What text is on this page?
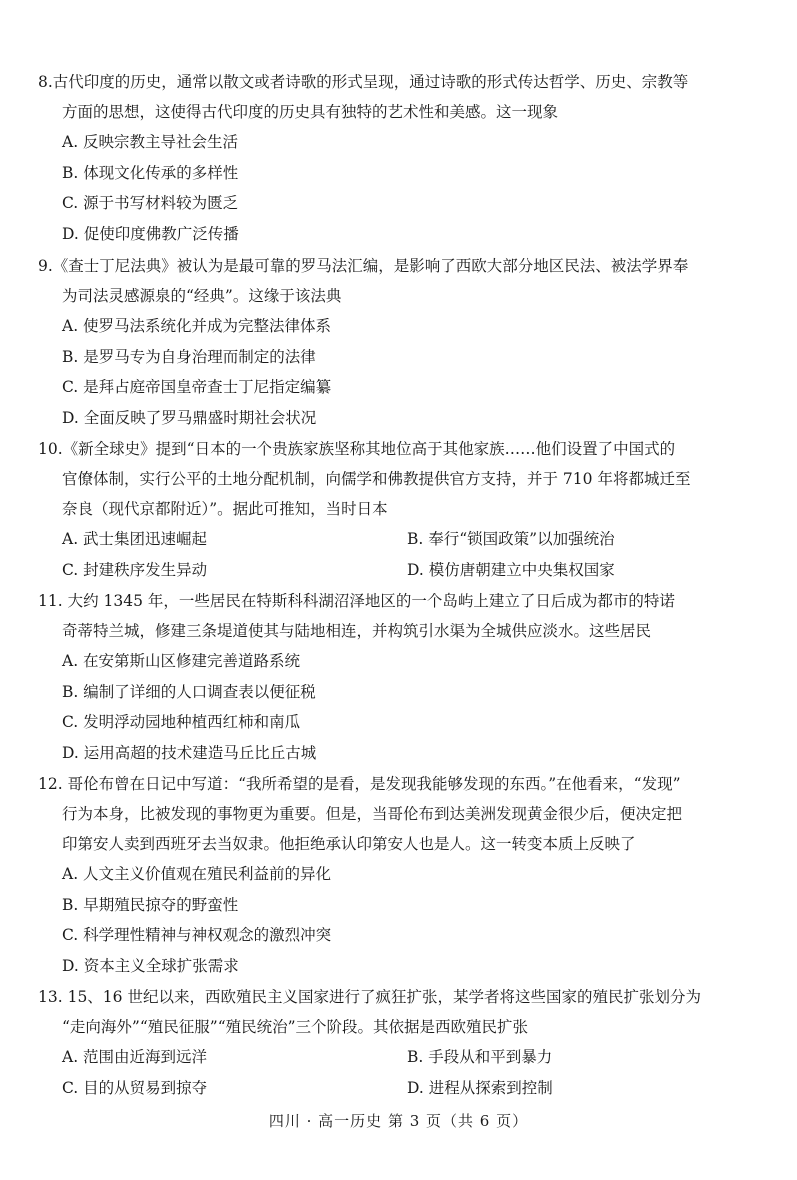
8.古代印度的历史，通常以散文或者诗歌的形式呈现，通过诗歌的形式传达哲学、历史、宗教等
方面的思想，这使得古代印度的历史具有独特的艺术性和美感。这一现象
A. 反映宗教主导社会生活
B. 体现文化传承的多样性
C. 源于书写材料较为匮乏
D. 促使印度佛教广泛传播
9.《查士丁尼法典》被认为是最可靠的罗马法汇编，是影响了西欧大部分地区民法、被法学界奉
为司法灵感源泉的“经典”。这缘于该法典
A. 使罗马法系统化并成为完整法律体系
B. 是罗马专为自身治理而制定的法律
C. 是拜占庭帝国皇帝查士丁尼指定编纂
D. 全面反映了罗马鼎盛时期社会状况
10.《新全球史》提到“日本的一个贵族家族坚称其地位高于其他家族……他们设置了中国式的
官僚体制，实行公平的土地分配机制，向儒学和佛教提供官方支持，并于 710 年将都城迁至
奈良（现代京都附近）”。据此可推知，当时日本
A. 武士集团迅速崛起	B. 奉行“锁国政策”以加强统治
C. 封建秩序发生异动	D. 模仿唐朝建立中央集权国家
11. 大约 1345 年，一些居民在特斯科科湖沼泽地区的一个岛屿上建立了日后成为都市的特诺
奇蒂特兰城，修建三条堤道使其与陆地相连，并构筑引水渠为全城供应淡水。这些居民
A. 在安第斯山区修建完善道路系统
B. 编制了详细的人口调查表以便征税
C. 发明浮动园地种植西红柿和南瓜
D. 运用高超的技术建造马丘比丘古城
12. 哥伦布曾在日记中写道：“我所希望的是看，是发现我能够发现的东西。”在他看来，“发现”
行为本身，比被发现的事物更为重要。但是，当哥伦布到达美洲发现黄金很少后，便决定把
印第安人卖到西班牙去当奴隶。他拒绝承认印第安人也是人。这一转变本质上反映了
A. 人文主义价值观在殖民利益前的异化
B. 早期殖民掠夺的野蛮性
C. 科学理性精神与神权观念的激烈冲突
D. 资本主义全球扩张需求
13. 15、16 世纪以来，西欧殖民主义国家进行了疯狂扩张，某学者将这些国家的殖民扩张划分为
“走向海外”“殖民征服”“殖民统治”三个阶段。其依据是西欧殖民扩张
A. 范围由近海到远洋	B. 手段从和平到暴力
C. 目的从贸易到掠夺	D. 进程从探索到控制
四川 · 高一历史 第 3 页（共 6 页）
